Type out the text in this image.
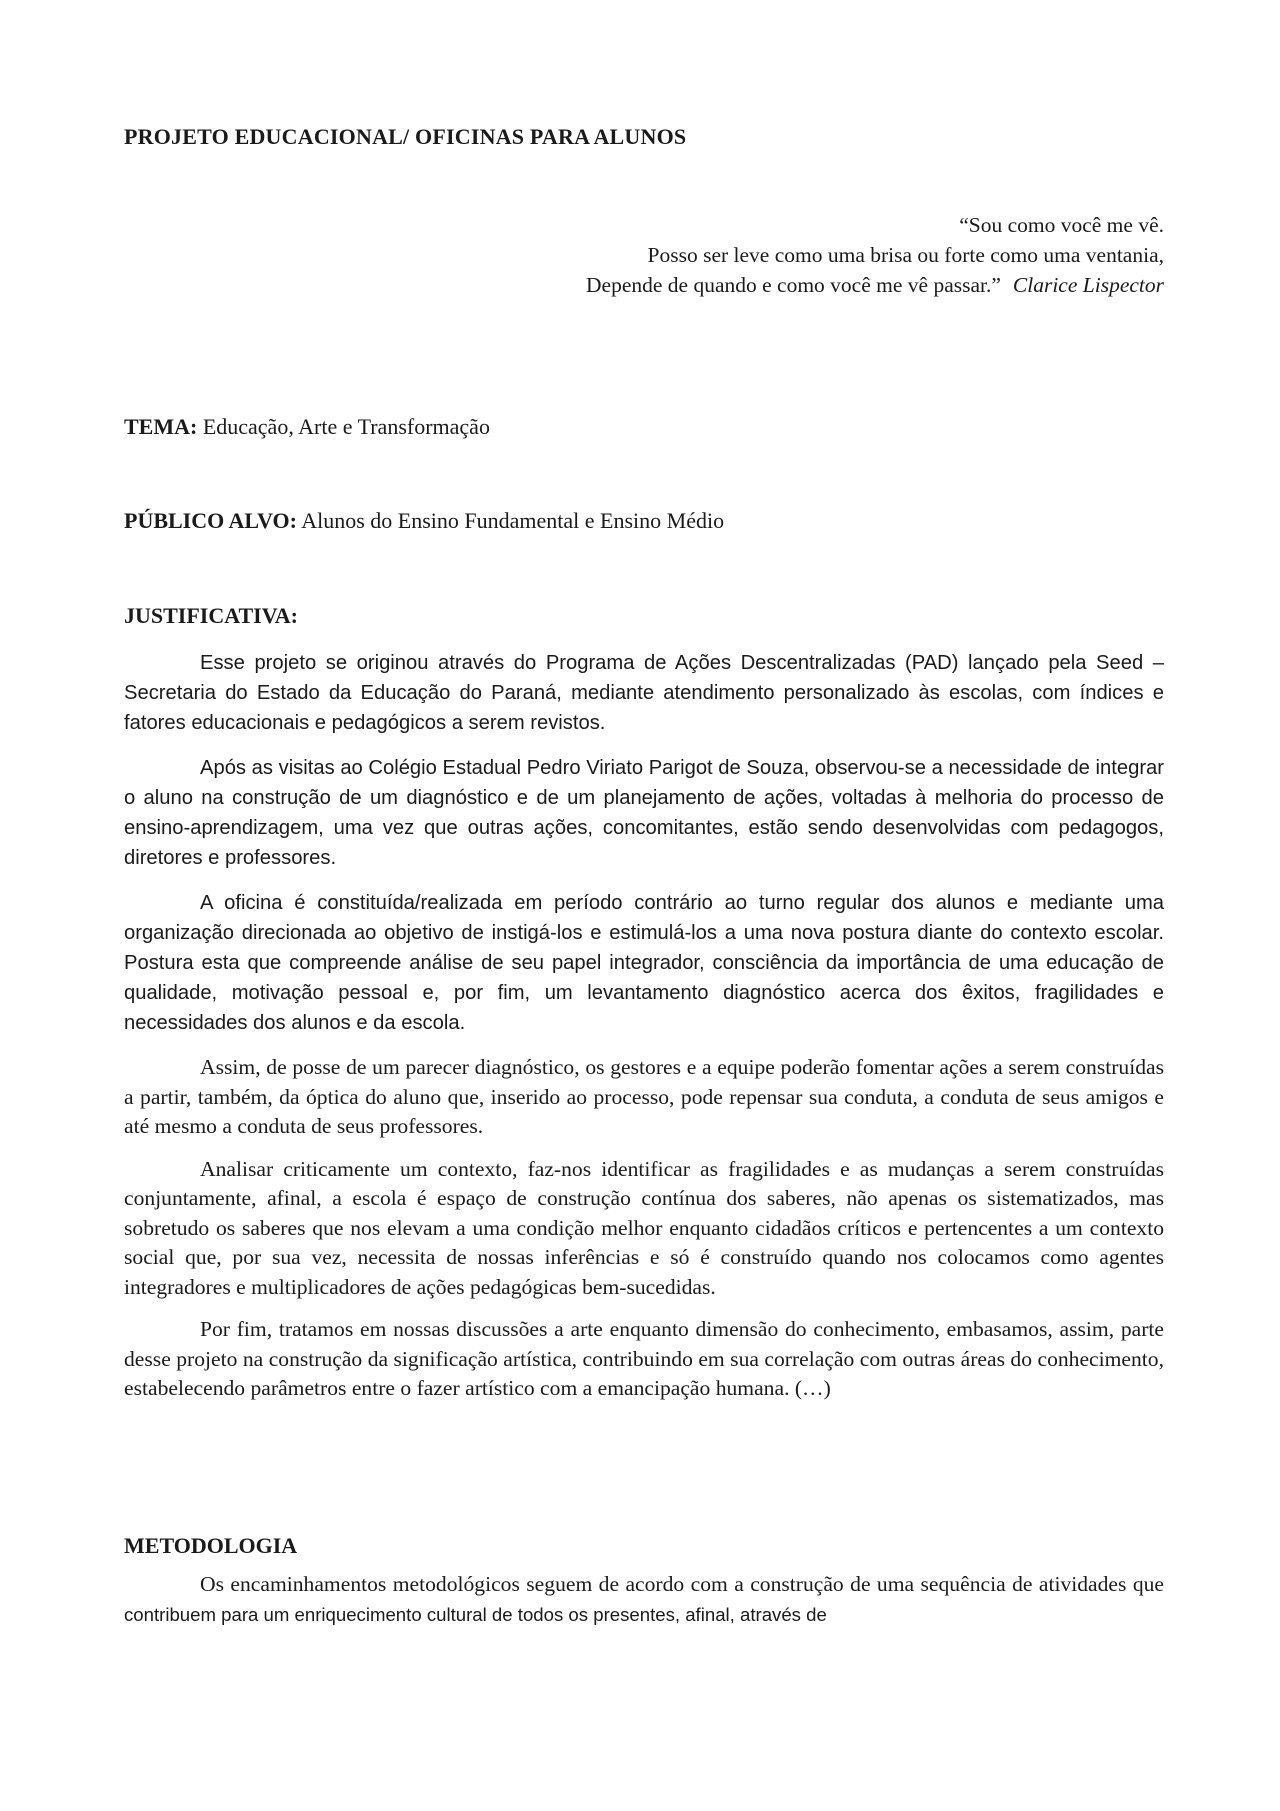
PROJETO EDUCACIONAL/ OFICINAS PARA ALUNOS
“Sou como você me vê.
Posso ser leve como uma brisa ou forte como uma ventania,
Depende de quando e como você me vê passar.” Clarice Lispector

TEMA: Educação, Arte e Transformação

PÚBLICO ALVO: Alunos do Ensino Fundamental e Ensino Médio

JUSTIFICATIVA:

Esse projeto se originou através do Programa de Ações Descentralizadas (PAD) lançado pela Seed – Secretaria do Estado da Educação do Paraná, mediante atendimento personalizado às escolas, com índices e fatores educacionais e pedagógicos a serem revistos.

Após as visitas ao Colégio Estadual Pedro Viriato Parigot de Souza, observou-se a necessidade de integrar o aluno na construção de um diagnóstico e de um planejamento de ações, voltadas à melhoria do processo de ensino-aprendizagem, uma vez que outras ações, concomitantes, estão sendo desenvolvidas com pedagogos, diretores e professores.

A oficina é constituída/realizada em período contrário ao turno regular dos alunos e mediante uma organização direcionada ao objetivo de instigá-los e estimulá-los a uma nova postura diante do contexto escolar. Postura esta que compreende análise de seu papel integrador, consciência da importância de uma educação de qualidade, motivação pessoal e, por fim, um levantamento diagnóstico acerca dos êxitos, fragilidades e necessidades dos alunos e da escola.

Assim, de posse de um parecer diagnóstico, os gestores e a equipe poderão fomentar ações a serem construídas a partir, também, da óptica do aluno que, inserido ao processo, pode repensar sua conduta, a conduta de seus amigos e até mesmo a conduta de seus professores.

Analisar criticamente um contexto, faz-nos identificar as fragilidades e as mudanças a serem construídas conjuntamente, afinal, a escola é espaço de construção contínua dos saberes, não apenas os sistematizados, mas sobretudo os saberes que nos elevam a uma condição melhor enquanto cidadãos críticos e pertencentes a um contexto social que, por sua vez, necessita de nossas inferências e só é construído quando nos colocamos como agentes integradores e multiplicadores de ações pedagógicas bem-sucedidas.

Por fim, tratamos em nossas discussões a arte enquanto dimensão do conhecimento, embasamos, assim, parte desse projeto na construção da significação artística, contribuindo em sua correlação com outras áreas do conhecimento, estabelecendo parâmetros entre o fazer artístico com a emancipação humana. (…)

METODOLOGIA

Os encaminhamentos metodológicos seguem de acordo com a construção de uma sequência de atividades que contribuem para um enriquecimento cultural de todos os presentes, afinal, através de
